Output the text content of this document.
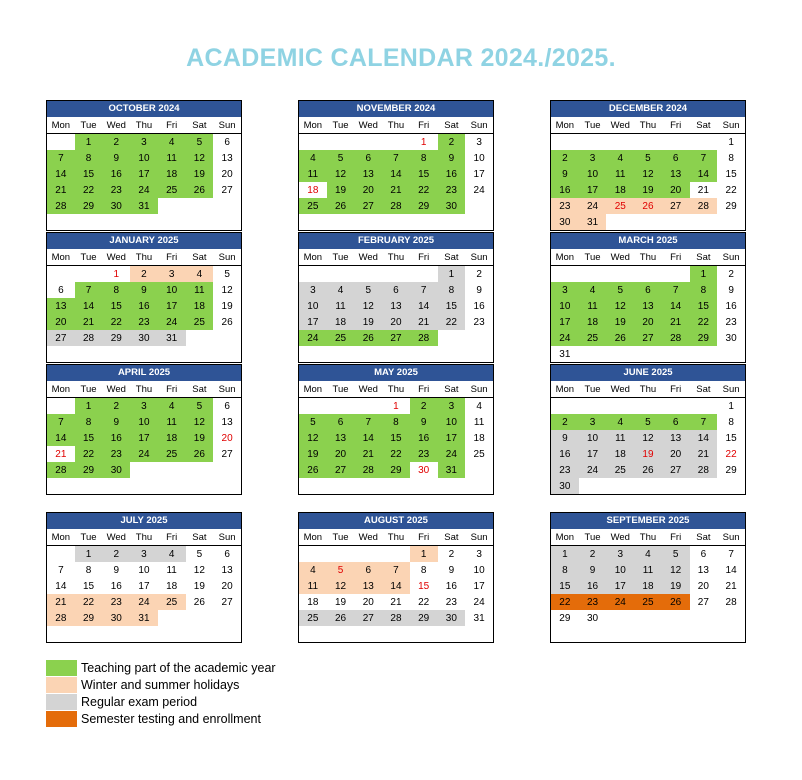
ACADEMIC CALENDAR 2024./2025.
OCTOBER 2024
Mon	Tue	Wed	Thu	Fri	Sat	Sun
	1	2	3	4	5	6
7	8	9	10	11	12	13
14	15	16	17	18	19	20
21	22	23	24	25	26	27
28	29	30	31			

NOVEMBER 2024
Mon	Tue	Wed	Thu	Fri	Sat	Sun
				1	2	3
4	5	6	7	8	9	10
11	12	13	14	15	16	17
18	19	20	21	22	23	24
25	26	27	28	29	30	

DECEMBER 2024
Mon	Tue	Wed	Thu	Fri	Sat	Sun
						1
2	3	4	5	6	7	8
9	10	11	12	13	14	15
16	17	18	19	20	21	22
23	24	25	26	27	28	29
30	31					
JANUARY 2025
Mon	Tue	Wed	Thu	Fri	Sat	Sun
		1	2	3	4	5
6	7	8	9	10	11	12
13	14	15	16	17	18	19
20	21	22	23	24	25	26
27	28	29	30	31		

FEBRUARY 2025
Mon	Tue	Wed	Thu	Fri	Sat	Sun
					1	2
3	4	5	6	7	8	9
10	11	12	13	14	15	16
17	18	19	20	21	22	23
24	25	26	27	28		

MARCH 2025
Mon	Tue	Wed	Thu	Fri	Sat	Sun
					1	2
3	4	5	6	7	8	9
10	11	12	13	14	15	16
17	18	19	20	21	22	23
24	25	26	27	28	29	30
31						
APRIL 2025
Mon	Tue	Wed	Thu	Fri	Sat	Sun
	1	2	3	4	5	6
7	8	9	10	11	12	13
14	15	16	17	18	19	20
21	22	23	24	25	26	27
28	29	30				

MAY 2025
Mon	Tue	Wed	Thu	Fri	Sat	Sun
			1	2	3	4
5	6	7	8	9	10	11
12	13	14	15	16	17	18
19	20	21	22	23	24	25
26	27	28	29	30	31	

JUNE 2025
Mon	Tue	Wed	Thu	Fri	Sat	Sun
						1
2	3	4	5	6	7	8
9	10	11	12	13	14	15
16	17	18	19	20	21	22
23	24	25	26	27	28	29
30						
JULY 2025
Mon	Tue	Wed	Thu	Fri	Sat	Sun
	1	2	3	4	5	6
7	8	9	10	11	12	13
14	15	16	17	18	19	20
21	22	23	24	25	26	27
28	29	30	31			

AUGUST 2025
Mon	Tue	Wed	Thu	Fri	Sat	Sun
				1	2	3
4	5	6	7	8	9	10
11	12	13	14	15	16	17
18	19	20	21	22	23	24
25	26	27	28	29	30	31

SEPTEMBER 2025
Mon	Tue	Wed	Thu	Fri	Sat	Sun
1	2	3	4	5	6	7
8	9	10	11	12	13	14
15	16	17	18	19	20	21
22	23	24	25	26	27	28
29	30					

Teaching part of the academic year
Winter and summer holidays
Regular exam period
Semester testing and enrollment
